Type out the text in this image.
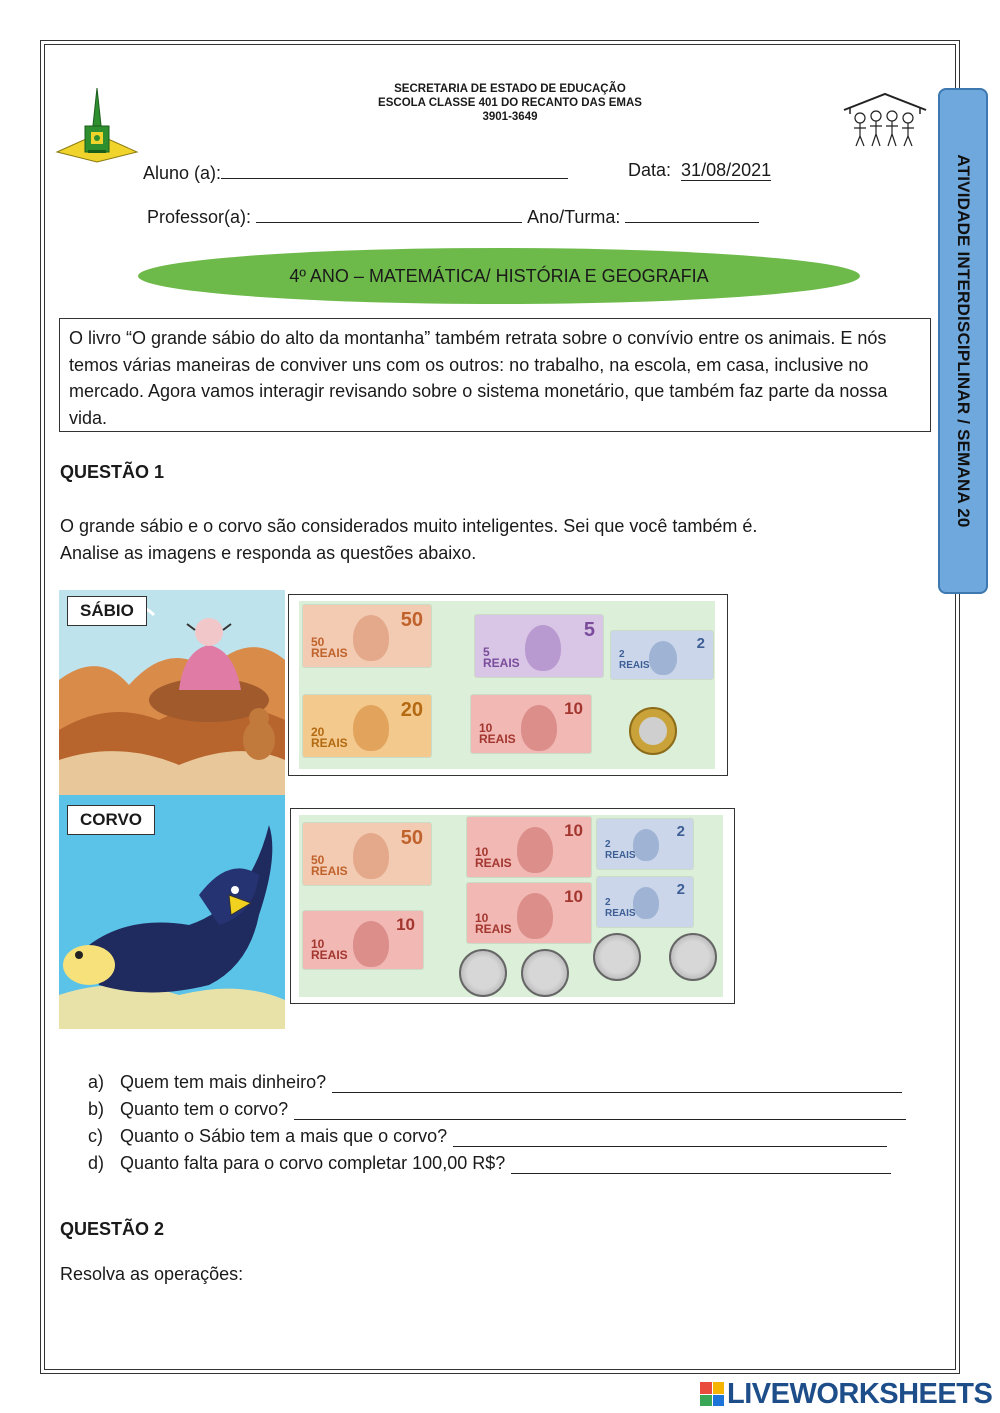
SECRETARIA DE ESTADO DE EDUCAÇÃO
ESCOLA CLASSE 401 DO RECANTO DAS EMAS
3901-3649
Aluno (a):	Data: 31/08/2021
Professor(a):	Ano/Turma:
4º ANO – MATEMÁTICA/ HISTÓRIA E GEOGRAFIA	ATIVIDADE INTERDISCIPLINAR / SEMANA 20
O livro “O grande sábio do alto da montanha” também retrata sobre o convívio entre os animais. E nós temos várias maneiras de conviver uns com os outros: no trabalho, na escola, em casa, inclusive no mercado. Agora vamos interagir revisando sobre o sistema monetário, que também faz parte da nossa vida.
QUESTÃO 1
O grande sábio e o corvo são considerados muito inteligentes. Sei que você também é.
Analise as imagens e responda as questões abaixo.
SÁBIO	50
50
REAIS
5
5
REAIS
2
2
REAIS
20
20
REAIS
10
10
REAIS
CORVO
50
50
REAIS
10
10
REAIS
2
2
REAIS
10
10
REAIS
2
2
REAIS
10
10
REAIS
a) Quem tem mais dinheiro?
b) Quanto tem o corvo?
c) Quanto o Sábio tem a mais que o corvo?
d) Quanto falta para o corvo completar 100,00 R$?
QUESTÃO 2
Resolva as operações:
LIVEWORKSHEETS
